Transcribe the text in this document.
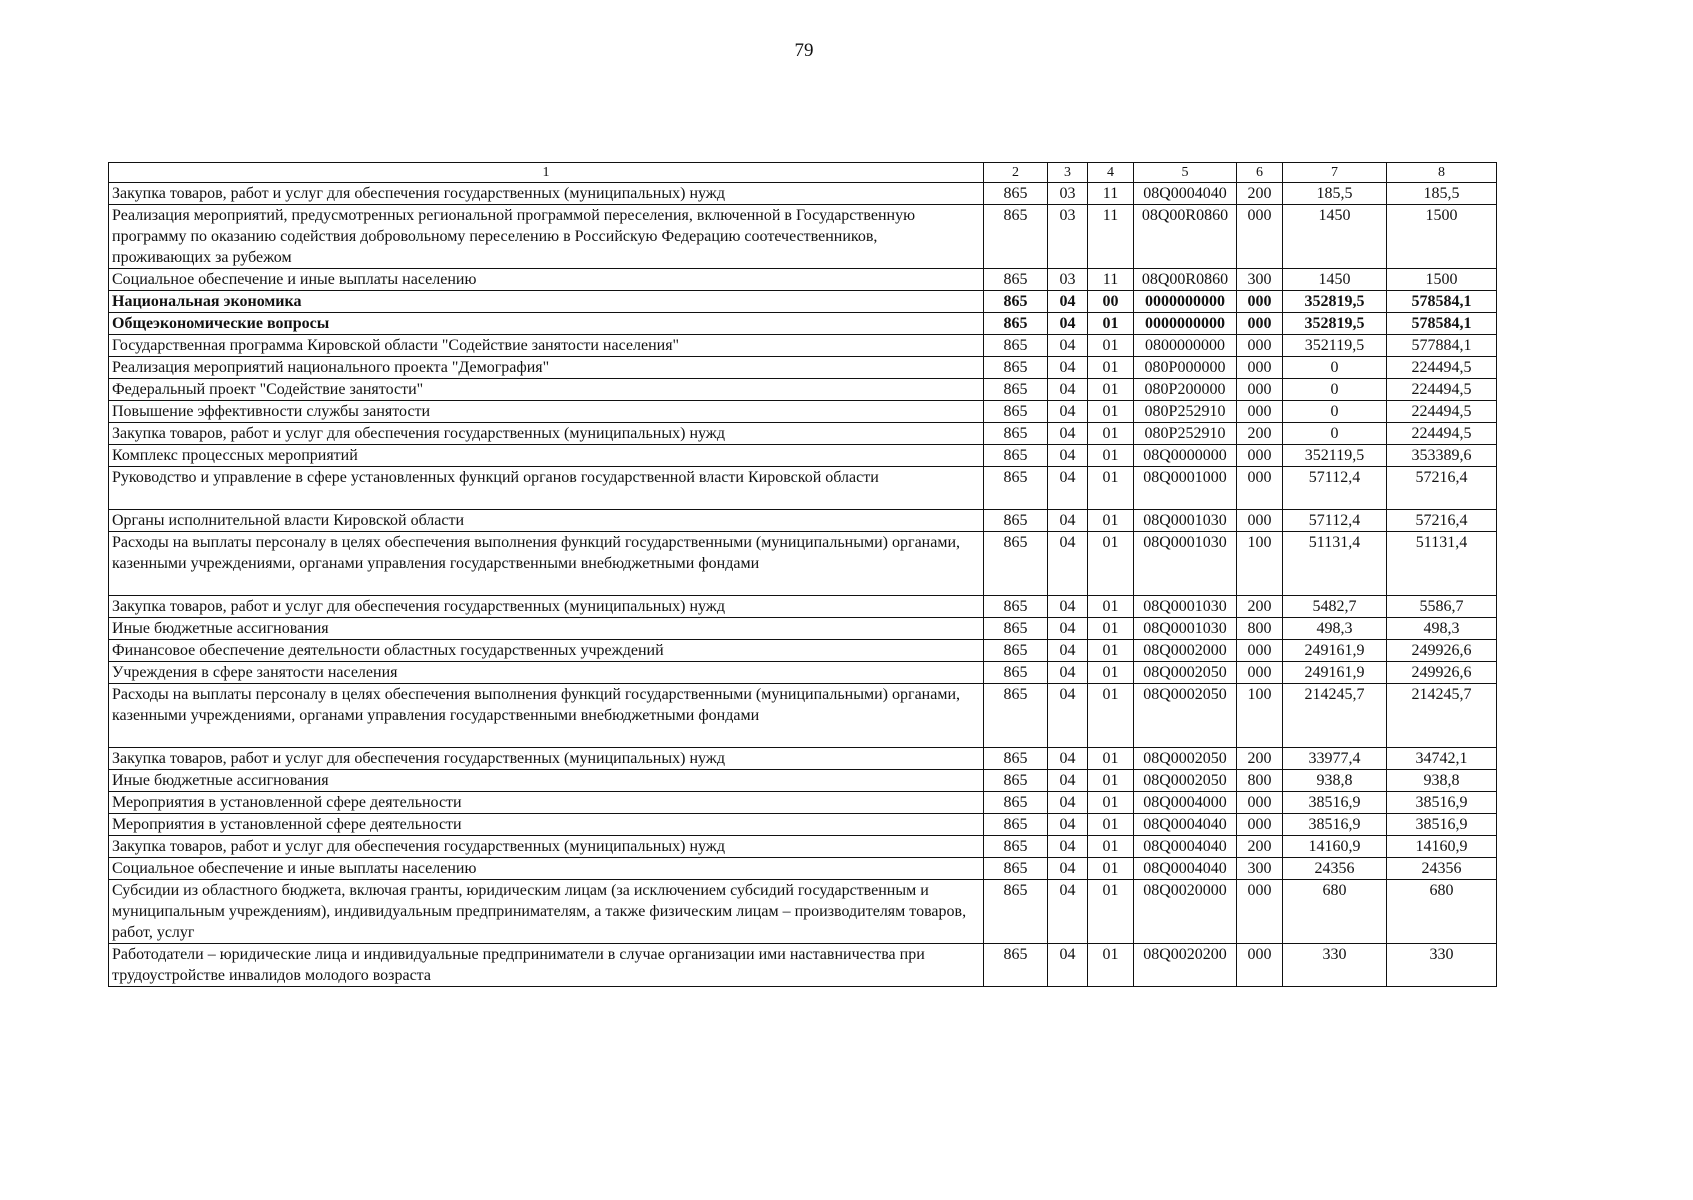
79
1	2	3	4	5	6	7	8
Закупка товаров, работ и услуг для обеспечения государственных (муниципальных) нужд	865	03	11	08Q0004040	200	185,5	185,5
Реализация мероприятий, предусмотренных региональной программой переселения, включенной в Государственную программу по оказанию содействия добровольному переселению в Российскую Федерацию соотечественников, проживающих за рубежом	865	03	11	08Q00R0860	000	1450	1500
Социальное обеспечение и иные выплаты населению	865	03	11	08Q00R0860	300	1450	1500
Национальная экономика	865	04	00	0000000000	000	352819,5	578584,1
Общеэкономические вопросы	865	04	01	0000000000	000	352819,5	578584,1
Государственная программа Кировской области "Содействие занятости населения"	865	04	01	0800000000	000	352119,5	577884,1
Реализация мероприятий национального проекта "Демография"	865	04	01	080P000000	000	0	224494,5
Федеральный проект "Содействие занятости"	865	04	01	080P200000	000	0	224494,5
Повышение эффективности службы занятости	865	04	01	080P252910	000	0	224494,5
Закупка товаров, работ и услуг для обеспечения государственных (муниципальных) нужд	865	04	01	080P252910	200	0	224494,5
Комплекс процессных мероприятий	865	04	01	08Q0000000	000	352119,5	353389,6
Руководство и управление в сфере установленных функций органов государственной власти Кировской области	865	04	01	08Q0001000	000	57112,4	57216,4
Органы исполнительной власти Кировской области	865	04	01	08Q0001030	000	57112,4	57216,4
Расходы на выплаты персоналу в целях обеспечения выполнения функций государственными (муниципальными) органами, казенными учреждениями, органами управления государственными внебюджетными фондами	865	04	01	08Q0001030	100	51131,4	51131,4
Закупка товаров, работ и услуг для обеспечения государственных (муниципальных) нужд	865	04	01	08Q0001030	200	5482,7	5586,7
Иные бюджетные ассигнования	865	04	01	08Q0001030	800	498,3	498,3
Финансовое обеспечение деятельности областных государственных учреждений	865	04	01	08Q0002000	000	249161,9	249926,6
Учреждения в сфере занятости населения	865	04	01	08Q0002050	000	249161,9	249926,6
Расходы на выплаты персоналу в целях обеспечения выполнения функций государственными (муниципальными) органами, казенными учреждениями, органами управления государственными внебюджетными фондами	865	04	01	08Q0002050	100	214245,7	214245,7
Закупка товаров, работ и услуг для обеспечения государственных (муниципальных) нужд	865	04	01	08Q0002050	200	33977,4	34742,1
Иные бюджетные ассигнования	865	04	01	08Q0002050	800	938,8	938,8
Мероприятия в установленной сфере деятельности	865	04	01	08Q0004000	000	38516,9	38516,9
Мероприятия в установленной сфере деятельности	865	04	01	08Q0004040	000	38516,9	38516,9
Закупка товаров, работ и услуг для обеспечения государственных (муниципальных) нужд	865	04	01	08Q0004040	200	14160,9	14160,9
Социальное обеспечение и иные выплаты населению	865	04	01	08Q0004040	300	24356	24356
Субсидии из областного бюджета, включая гранты, юридическим лицам (за исключением субсидий государственным и муниципальным учреждениям), индивидуальным предпринимателям, а также физическим лицам – производителям товаров, работ, услуг	865	04	01	08Q0020000	000	680	680
Работодатели – юридические лица и индивидуальные предприниматели в случае организации ими наставничества при трудоустройстве инвалидов молодого возраста	865	04	01	08Q0020200	000	330	330
